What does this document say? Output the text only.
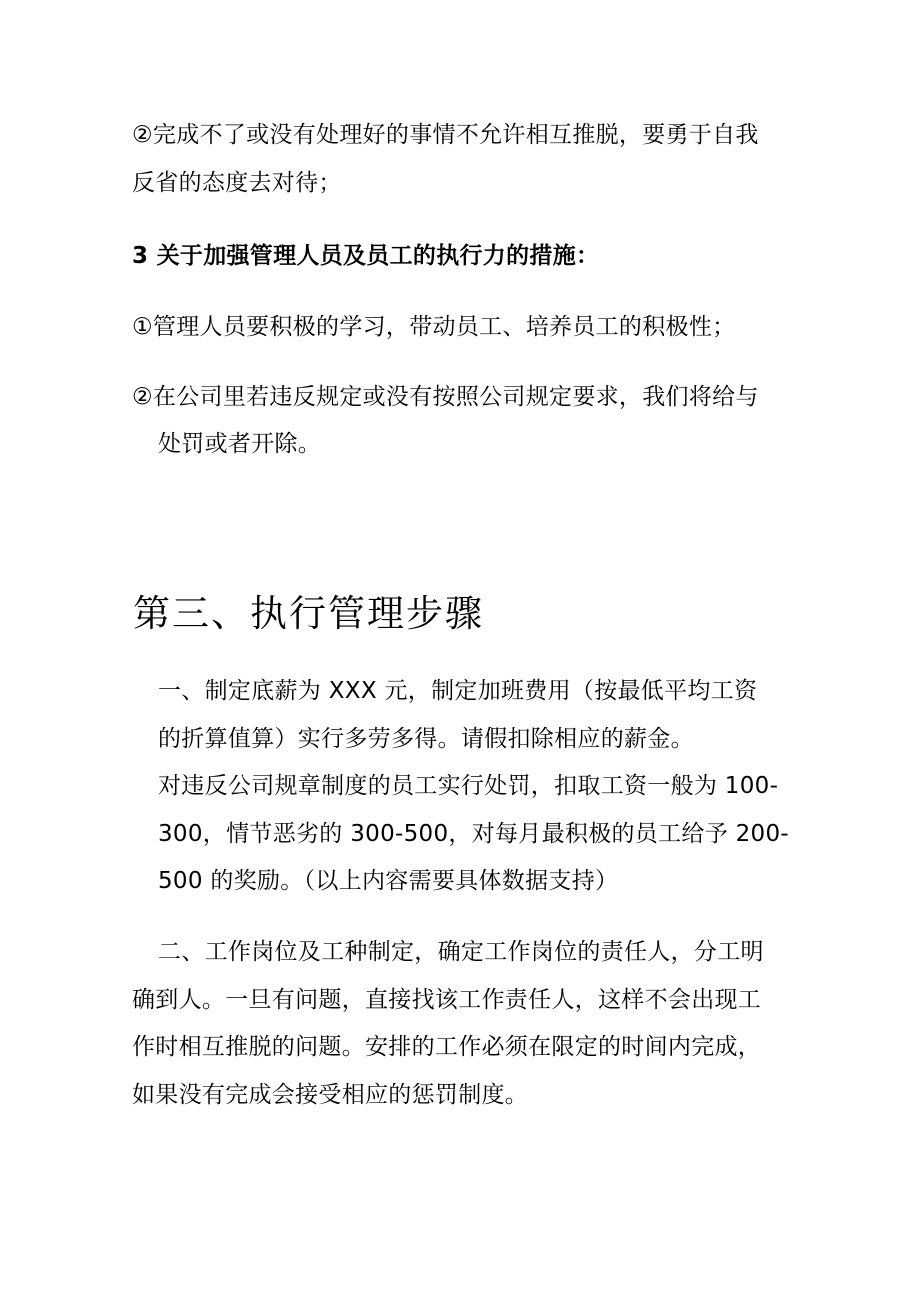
②完成不了或没有处理好的事情不允许相互推脱，要勇于自我
反省的态度去对待；
3 关于加强管理人员及员工的执行力的措施：
①管理人员要积极的学习，带动员工、培养员工的积极性；
②在公司里若违反规定或没有按照公司规定要求，我们将给与
处罚或者开除。
第三、执行管理步骤
一、制定底薪为 XXX 元，制定加班费用（按最低平均工资
的折算值算）实行多劳多得。请假扣除相应的薪金。
对违反公司规章制度的员工实行处罚，扣取工资一般为 100-
300，情节恶劣的 300-500，对每月最积极的员工给予 200-
500 的奖励。（以上内容需要具体数据支持）
二、工作岗位及工种制定，确定工作岗位的责任人，分工明
确到人。一旦有问题，直接找该工作责任人，这样不会出现工
作时相互推脱的问题。安排的工作必须在限定的时间内完成，
如果没有完成会接受相应的惩罚制度。
